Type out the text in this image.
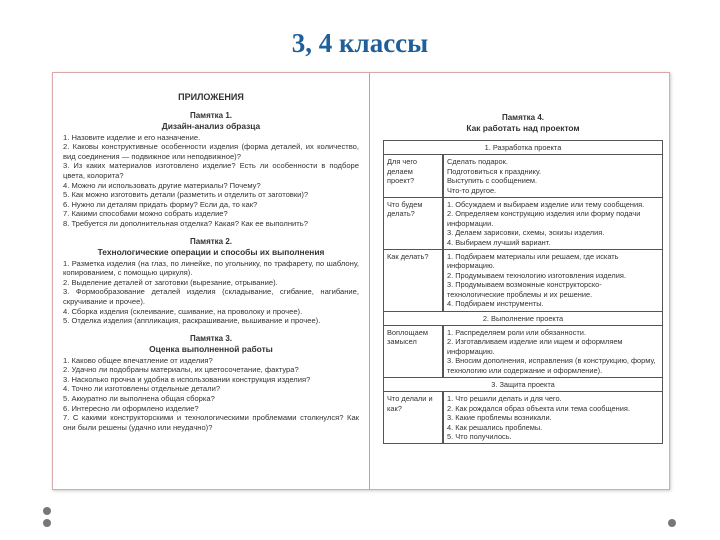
3, 4 классы
ПРИЛОЖЕНИЯ
Памятка 1.
Дизайн-анализ образца
1. Назовите изделие и его назначение.
2. Каковы конструктивные особенности изделия (форма деталей, их количество, вид соединения — подвижное или неподвижное)?
3. Из каких материалов изготовлено изделие? Есть ли особенности в подборе цвета, колорита?
4. Можно ли использовать другие материалы? Почему?
5. Как можно изготовить детали (разметить и отделить от заготовки)?
6. Нужно ли деталям придать форму? Если да, то как?
7. Какими способами можно собрать изделие?
8. Требуется ли дополнительная отделка? Какая? Как ее выполнить?
Памятка 2.
Технологические операции и способы их выполнения
1. Разметка изделия (на глаз, по линейке, по угольнику, по трафарету, по шаблону, копированием, с помощью циркуля).
2. Выделение деталей от заготовки (вырезание, отрывание).
3. Формообразование деталей изделия (складывание, сгибание, нагибание, скручивание и прочее).
4. Сборка изделия (склеивание, сшивание, на проволоку и прочее).
5. Отделка изделия (аппликация, раскрашивание, вышивание и прочее).
Памятка 3.
Оценка выполненной работы
1. Каково общее впечатление от изделия?
2. Удачно ли подобраны материалы, их цветосочетание, фактура?
3. Насколько прочна и удобна в использовании конструкция изделия?
4. Точно ли изготовлены отдельные детали?
5. Аккуратно ли выполнена общая сборка?
6. Интересно ли оформлено изделие?
7. С какими конструкторскими и технологическими проблемами столкнулся? Как они были решены (удачно или неудачно)?
Памятка 4.
Как работать над проектом
1. Разработка проекта	
Для чего делаем проект?	Сделать подарок.
Подготовиться к празднику.
Выступить с сообщением.
Что-то другое.

Что будем делать?	1. Обсуждаем и выбираем изделие или тему сообщения.
2. Определяем конструкцию изделия или форму подачи информации.
3. Делаем зарисовки, схемы, эскизы изделия.
4. Выбираем лучший вариант.

Как делать?	1. Подбираем материалы или решаем, где искать информацию.
2. Продумываем технологию изготовления изделия.
3. Продумываем возможные конструкторско-технологические проблемы и их решение.
4. Подбираем инструменты.

2. Выполнение проекта	
Воплощаем замысел	1. Распределяем роли или обязанности.
2. Изготавливаем изделие или ищем и оформляем информацию.
3. Вносим дополнения, исправления (в конструкцию, форму, технологию или содержание и оформление).

3. Защита проекта	
Что делали и как?	1. Что решили делать и для чего.
2. Как рождался образ объекта или тема сообщения.
3. Какие проблемы возникали.
4. Как решались проблемы.
5. Что получилось.
